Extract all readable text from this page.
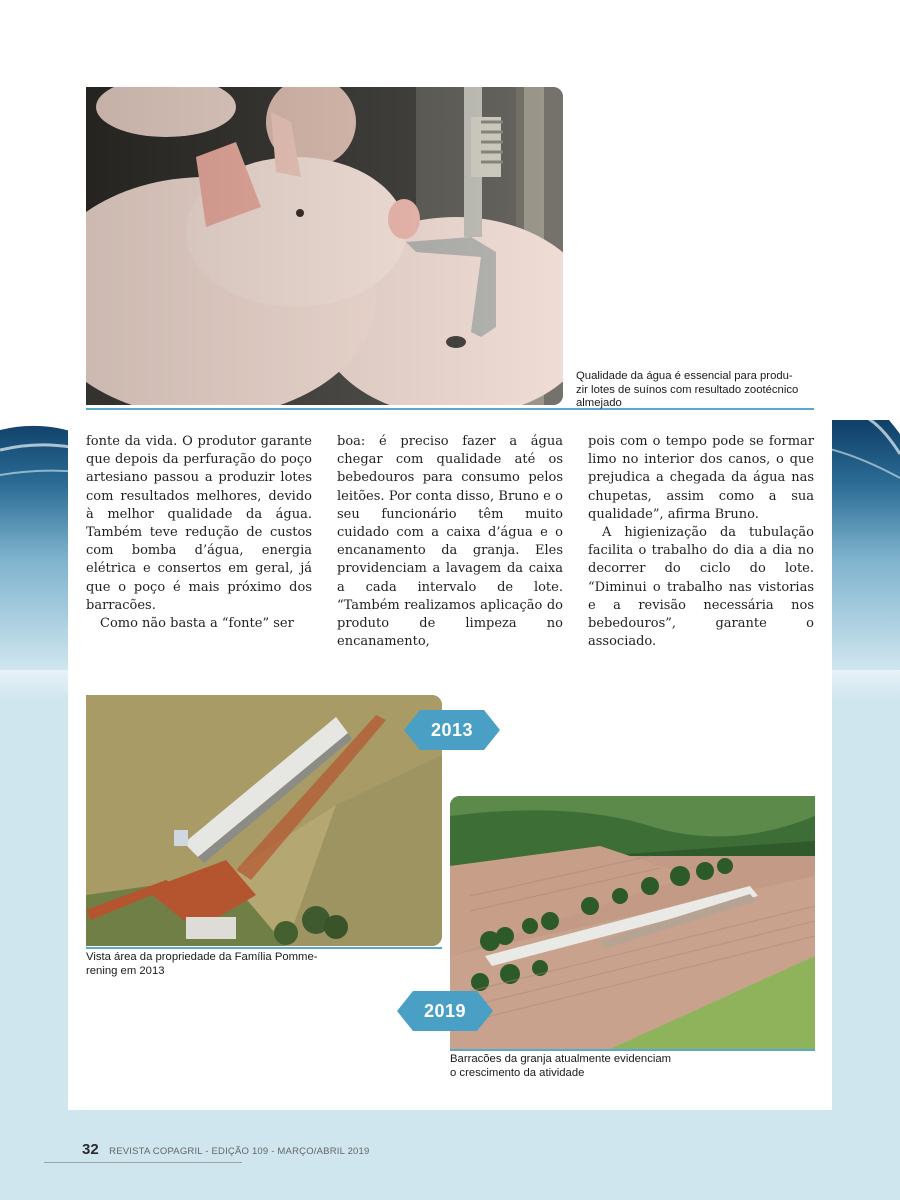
Qualidade da água é essencial para produ-
zir lotes de suínos com resultado zootécnico
almejado

fonte da vida. O produtor garante que depois da perfuração do poço artesiano passou a produzir lotes com resultados melhores, devido à melhor qualidade da água. Também teve redução de custos com bomba d’água, energia elétrica e consertos em geral, já que o poço é mais próximo dos barracões.

Como não basta a “fonte” ser

boa: é preciso fazer a água chegar com qualidade até os bebedouros para consumo pelos leitões. Por conta disso, Bruno e o seu funcionário têm muito cuidado com a caixa d’água e o encanamento da granja. Eles providenciam a lavagem da caixa a cada intervalo de lote. “Também realizamos aplicação do produto de limpeza no encanamento,

pois com o tempo pode se formar limo no interior dos canos, o que prejudica a chegada da água nas chupetas, assim como a sua qualidade”, afirma Bruno.

A higienização da tubulação facilita o trabalho do dia a dia no decorrer do ciclo do lote. “Diminui o trabalho nas vistorias e a revisão necessária nos bebedouros”, garante o associado.

Vista área da propriedade da Família Pomme-
rening em 2013
2013
Barracões da granja atualmente evidenciam
o crescimento da atividade
2019
32 REVISTA COPAGRIL - EDIÇÃO 109 - MARÇO/ABRIL 2019
